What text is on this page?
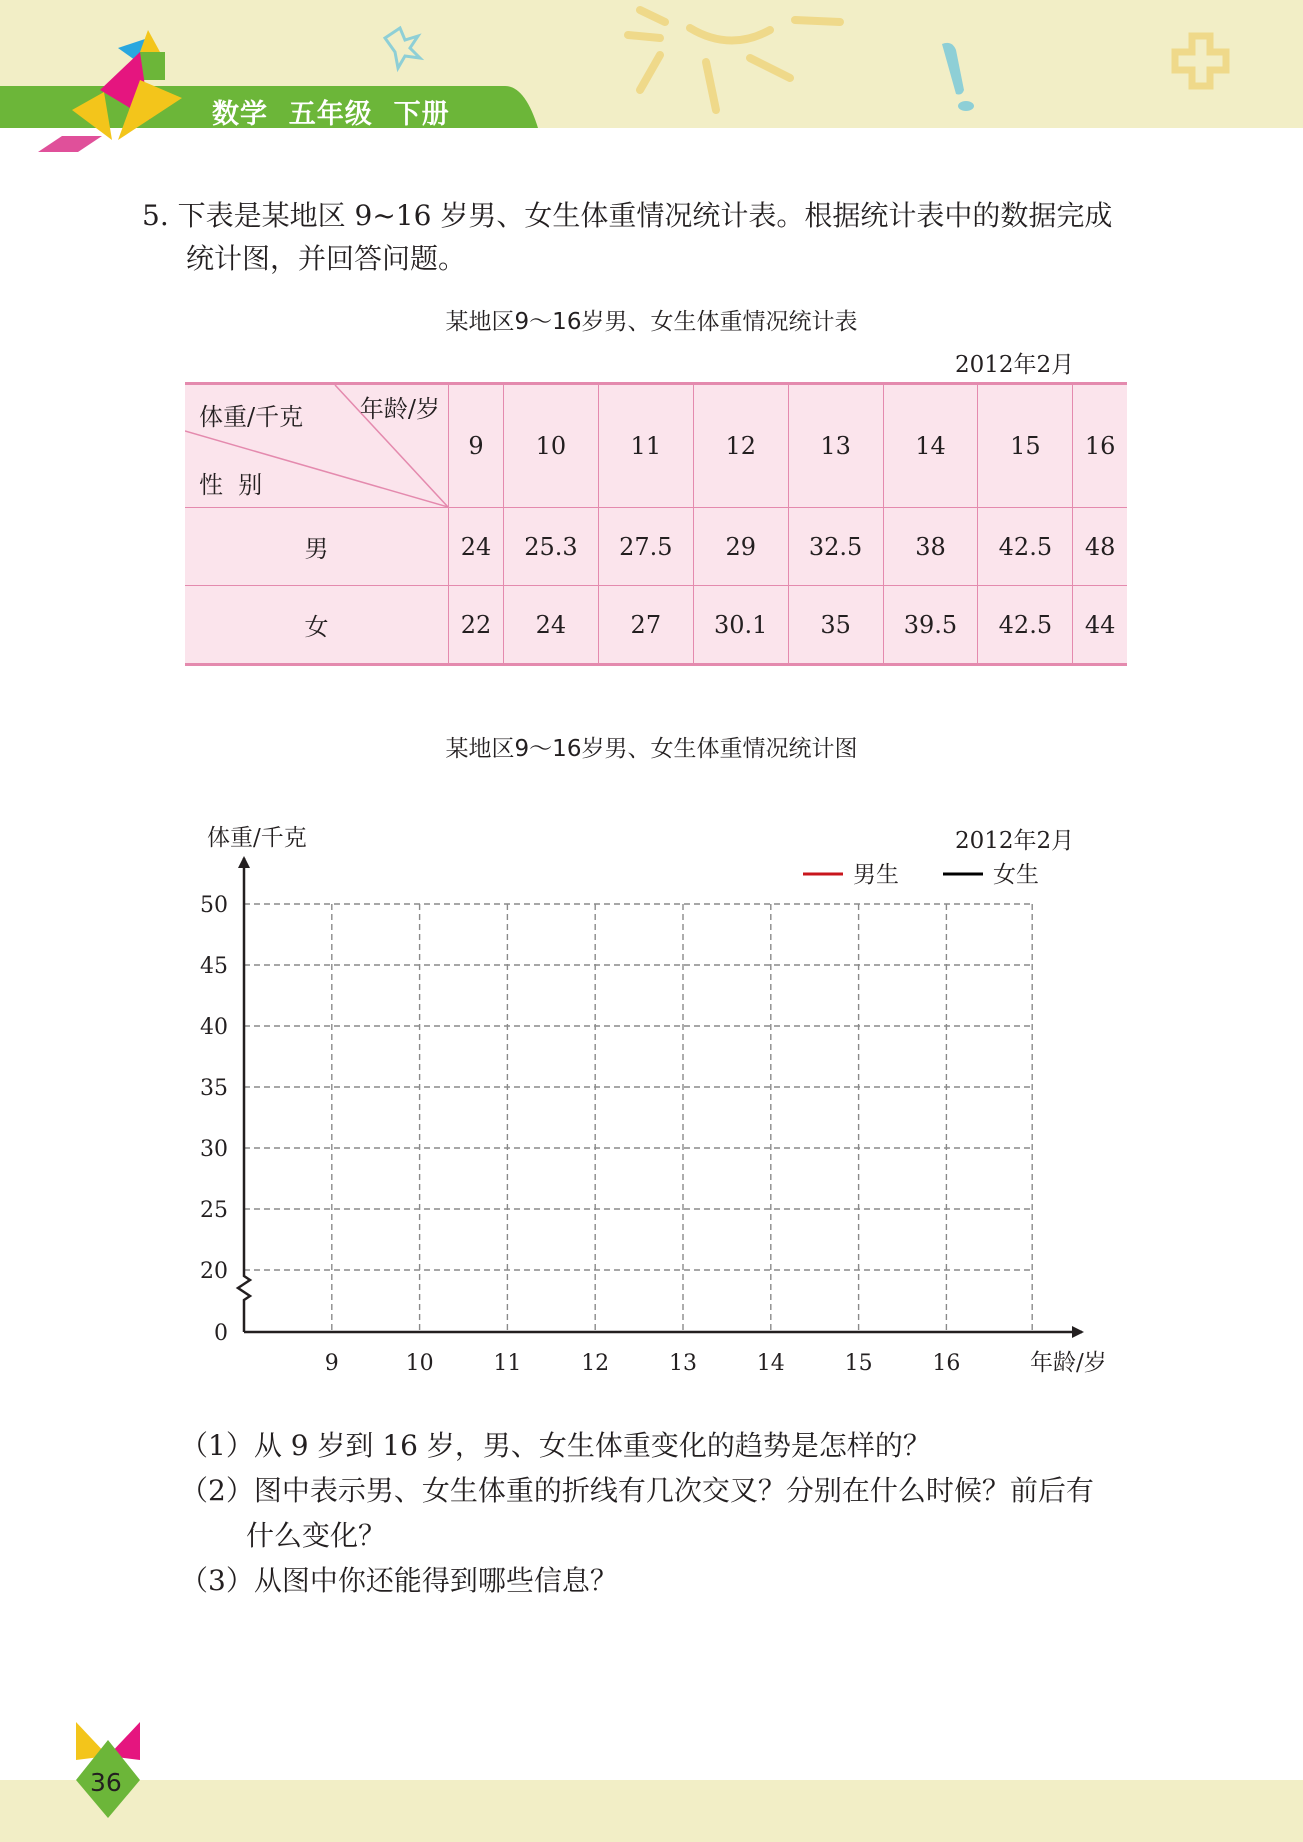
数学  五年级  下册
5. 下表是某地区 9~16 岁男、女生体重情况统计表。根据统计表中的数据完成
统计图，并回答问题。
某地区9～16岁男、女生体重情况统计表
2012年2月
年龄/岁
体重/千克
性  别	9	10	11	12	13	14	15	16
男	24	25.3	27.5	29	32.5	38	42.5	48
女	22	24	27	30.1	35	39.5	42.5	44
某地区9～16岁男、女生体重情况统计图
0
20
25
30
35
40
45
50
9	10	11	12	13	14	15	16
体重/千克
年龄/岁
2012年2月
男生	女生
（1）从 9 岁到 16 岁，男、女生体重变化的趋势是怎样的？
（2）图中表示男、女生体重的折线有几次交叉？分别在什么时候？前后有
什么变化？
（3）从图中你还能得到哪些信息？
36
